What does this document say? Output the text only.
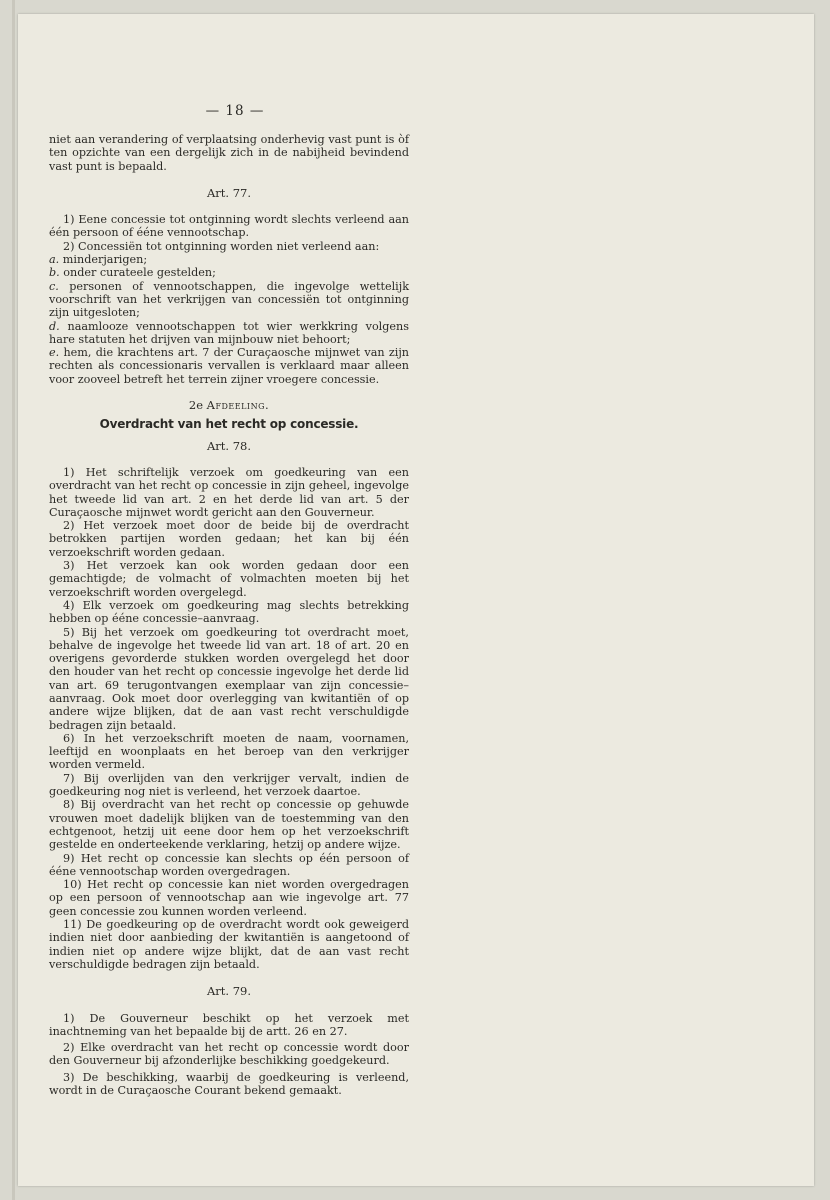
— 18 —

niet aan verandering of verplaatsing onderhevig vast punt is òf ten opzichte van een dergelijk zich in de nabijheid bevindend vast punt is bepaald.

Art. 77.

1) Eene concessie tot ontginning wordt slechts verleend aan één persoon of ééne vennootschap.

2) Concessiën tot ontginning worden niet verleend aan:

a. minderjarigen;

b. onder curateele gestelden;

c. personen of vennootschappen, die ingevolge wettelijk voorschrift van het verkrijgen van concessiën tot ontginning zijn uitgesloten;

d. naamlooze vennootschappen tot wier werkkring volgens hare statuten het drijven van mijnbouw niet behoort;

e. hem, die krachtens art. 7 der Curaçaosche mijnwet van zijn rechten als concessionaris vervallen is verklaard maar alleen voor zooveel betreft het terrein zijner vroegere concessie.

2e Afdeeling.
Overdracht van het recht op concessie.
Art. 78.

1) Het schriftelijk verzoek om goedkeuring van een overdracht van het recht op concessie in zijn geheel, ingevolge het tweede lid van art. 2 en het derde lid van art. 5 der Curaçaosche mijnwet wordt gericht aan den Gouverneur.

2) Het verzoek moet door de beide bij de overdracht betrokken partijen worden gedaan; het kan bij één verzoekschrift worden gedaan.

3) Het verzoek kan ook worden gedaan door een gemachtigde; de volmacht of volmachten moeten bij het verzoekschrift worden overgelegd.

4) Elk verzoek om goedkeuring mag slechts betrekking hebben op ééne concessie–aanvraag.

5) Bij het verzoek om goedkeuring tot overdracht moet, behalve de ingevolge het tweede lid van art. 18 of art. 20 en overigens gevorderde stukken worden overgelegd het door den houder van het recht op concessie ingevolge het derde lid van art. 69 terugontvangen exemplaar van zijn concessie–aanvraag. Ook moet door overlegging van kwitantiën of op andere wijze blijken, dat de aan vast recht verschuldigde bedragen zijn betaald.

6) In het verzoekschrift moeten de naam, voornamen, leeftijd en woonplaats en het beroep van den verkrijger worden vermeld.

7) Bij overlijden van den verkrijger vervalt, indien de goedkeuring nog niet is verleend, het verzoek daartoe.

8) Bij overdracht van het recht op concessie op gehuwde vrouwen moet dadelijk blijken van de toestemming van den echtgenoot, hetzij uit eene door hem op het verzoekschrift gestelde en onderteekende verklaring, hetzij op andere wijze.

9) Het recht op concessie kan slechts op één persoon of ééne vennootschap worden overgedragen.

10) Het recht op concessie kan niet worden overgedragen op een persoon of vennootschap aan wie ingevolge art. 77 geen concessie zou kunnen worden verleend.

11) De goedkeuring op de overdracht wordt ook geweigerd indien niet door aanbieding der kwitantiën is aangetoond of indien niet op andere wijze blijkt, dat de aan vast recht verschuldigde bedragen zijn betaald.

Art. 79.

1) De Gouverneur beschikt op het verzoek met inachtneming van het bepaalde bij de artt. 26 en 27.

2) Elke overdracht van het recht op concessie wordt door den Gouverneur bij afzonderlijke beschikking goedgekeurd.

3) De beschikking, waarbij de goedkeuring is verleend, wordt in de Curaçaosche Courant bekend gemaakt.
